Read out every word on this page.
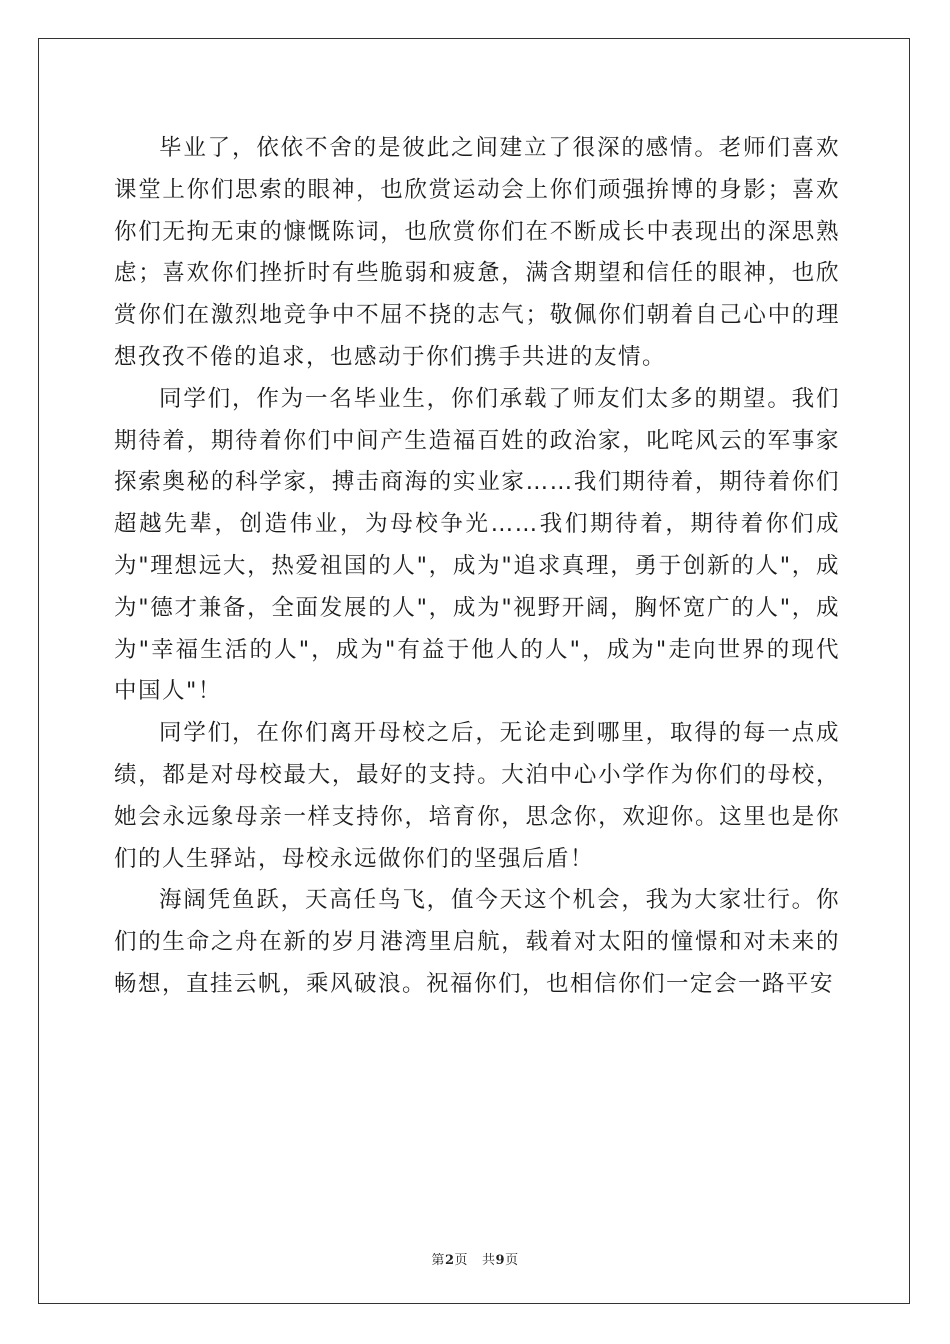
毕业了，依依不舍的是彼此之间建立了很深的感情。老师们喜欢课堂上你们思索的眼神，也欣赏运动会上你们顽强拚博的身影；喜欢你们无拘无束的慷慨陈词，也欣赏你们在不断成长中表现出的深思熟虑；喜欢你们挫折时有些脆弱和疲惫，满含期望和信任的眼神，也欣赏你们在激烈地竞争中不屈不挠的志气；敬佩你们朝着自己心中的理想孜孜不倦的追求，也感动于你们携手共进的友情。

同学们，作为一名毕业生，你们承载了师友们太多的期望。我们期待着，期待着你们中间产生造福百姓的政治家，叱咤风云的军事家探索奥秘的科学家，搏击商海的实业家……我们期待着，期待着你们超越先辈，创造伟业，为母校争光……我们期待着，期待着你们成为"理想远大，热爱祖国的人"，成为"追求真理，勇于创新的人"，成为"德才兼备，全面发展的人"，成为"视野开阔，胸怀宽广的人"，成为"幸福生活的人"，成为"有益于他人的人"，成为"走向世界的现代中国人"！

同学们，在你们离开母校之后，无论走到哪里，取得的每一点成绩，都是对母校最大，最好的支持。大泊中心小学作为你们的母校，她会永远象母亲一样支持你，培育你，思念你，欢迎你。这里也是你们的人生驿站，母校永远做你们的坚强后盾！

海阔凭鱼跃，天高任鸟飞，值今天这个机会，我为大家壮行。你们的生命之舟在新的岁月港湾里启航，载着对太阳的憧憬和对未来的畅想，直挂云帆，乘风破浪。祝福你们，也相信你们一定会一路平安

第2页 共9页
